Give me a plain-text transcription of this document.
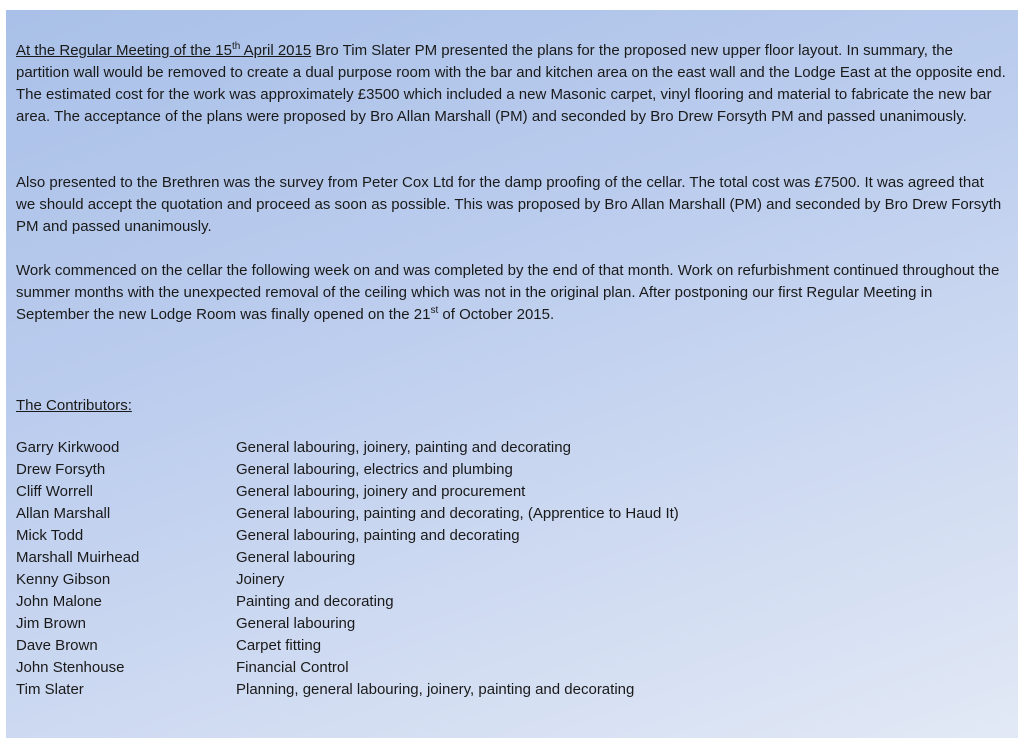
At the Regular Meeting of the 15th April 2015 Bro Tim Slater PM presented the plans for the proposed new upper floor layout. In summary, the partition wall would be removed to create a dual purpose room with the bar and kitchen area on the east wall and the Lodge East at the opposite end. The estimated cost for the work was approximately £3500 which included a new Masonic carpet, vinyl flooring and material to fabricate the new bar area. The acceptance of the plans were proposed by Bro Allan Marshall (PM) and seconded by Bro Drew Forsyth PM and passed unanimously.

Also presented to the Brethren was the survey from Peter Cox Ltd for the damp proofing of the cellar. The total cost was £7500. It was agreed that we should accept the quotation and proceed as soon as possible. This was proposed by Bro Allan Marshall (PM) and seconded by Bro Drew Forsyth PM and passed unanimously.

Work commenced on the cellar the following week on and was completed by the end of that month. Work on refurbishment continued throughout the summer months with the unexpected removal of the ceiling which was not in the original plan. After postponing our first Regular Meeting in September the new Lodge Room was finally opened on the 21st of October 2015.

The Contributors:
Garry Kirkwood	General labouring, joinery, painting and decorating
Drew Forsyth	General labouring, electrics and plumbing
Cliff Worrell	General labouring, joinery and procurement
Allan Marshall	General labouring, painting and decorating, (Apprentice to Haud It)
Mick Todd	General labouring, painting and decorating
Marshall Muirhead	General labouring
Kenny Gibson	Joinery
John Malone	Painting and decorating
Jim Brown	General labouring
Dave Brown	Carpet fitting
John Stenhouse	Financial Control
Tim Slater	Planning, general labouring, joinery, painting and decorating
